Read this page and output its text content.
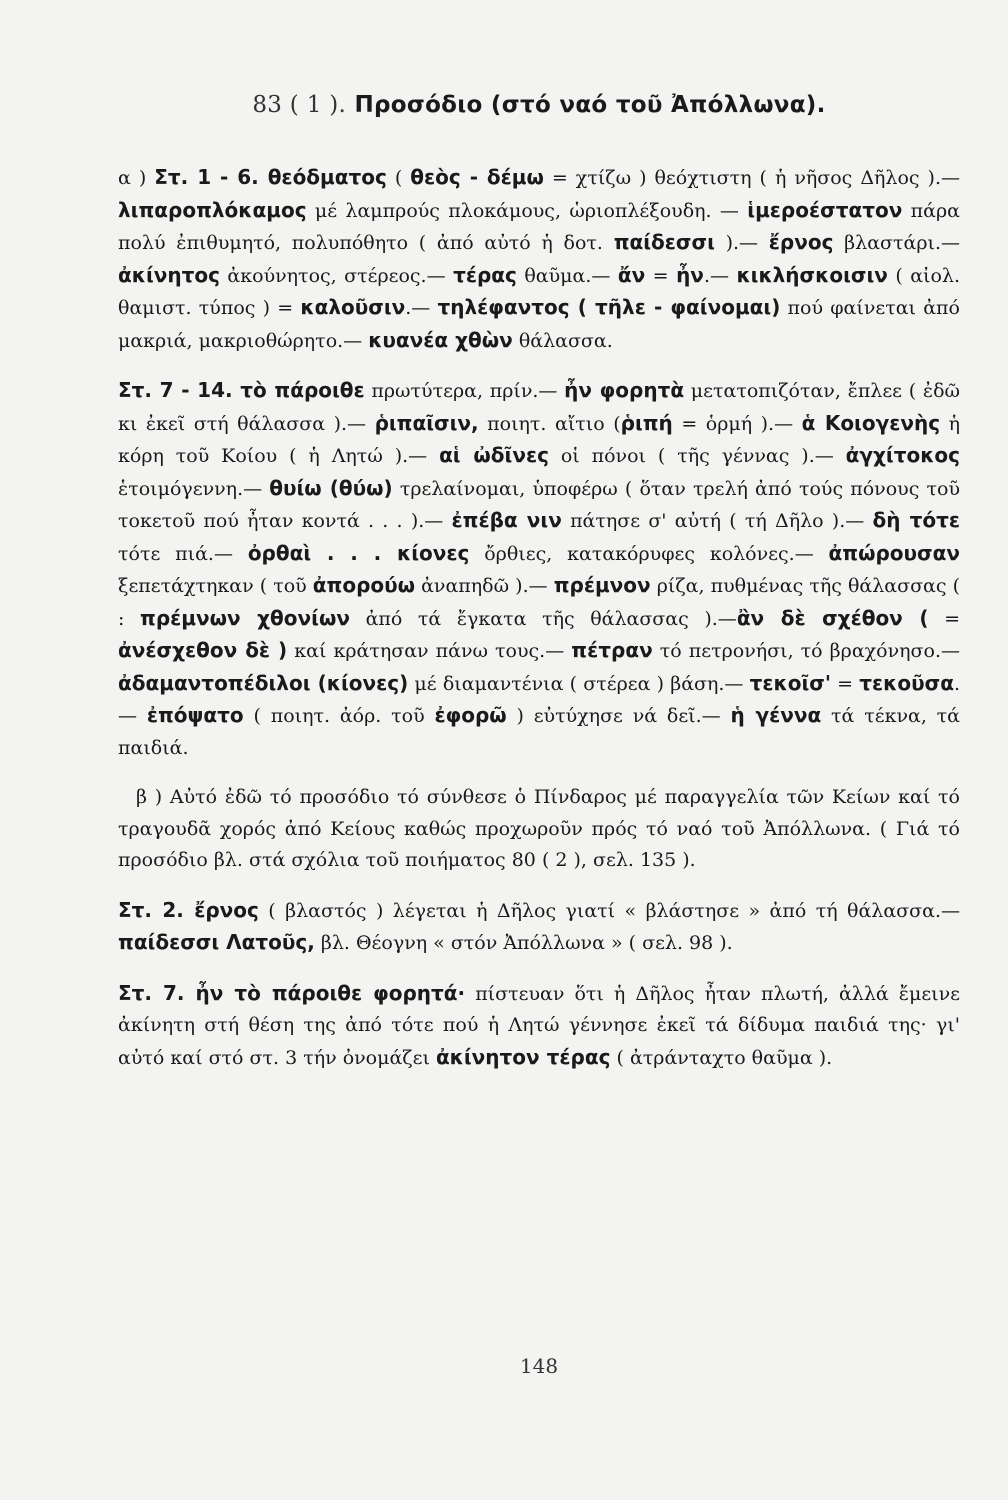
83 ( 1 ). Προσόδιο (στό ναό τοῦ Ἀπόλλωνα).

α ) Στ. 1 - 6. θεόδματος ( θεὸς - δέμω = χτίζω ) θεόχτιστη ( ἡ νῆσος Δῆλος ).— λιπαροπλόκαμος μέ λαμπρούς πλοκάμους, ὡριοπλέξουδη. — ἱμεροέστατον πάρα πολύ ἐπιθυμητό, πολυπόθητο ( ἀπό αὐτό ἡ δοτ. παίδεσσι ).— ἔρνος βλαστάρι.— ἀκίνητος ἀκούνητος, στέρεος.— τέρας θαῦμα.— ἄν = ἦν.— κικλήσκοισιν ( αἰολ. θαμιστ. τύπος ) = καλοῦσιν.— τηλέφαντος ( τῆλε - φαίνομαι) πού φαίνεται ἀπό μακριά, μακριοθώρητο.— κυανέα χθὼν θάλασσα.

Στ. 7 - 14. τὸ πάροιθε πρωτύτερα, πρίν.— ἦν φορητὰ μετατοπιζόταν, ἔπλεε ( ἐδῶ κι ἐκεῖ στή θάλασσα ).— ῥιπαῖσιν, ποιητ. αἴτιο (ῥιπή = ὁρμή ).— ἁ Κοιογενὴς ἡ κόρη τοῦ Κοίου ( ἡ Λητώ ).— αἱ ὠδῖνες οἱ πόνοι ( τῆς γέννας ).— ἀγχίτοκος ἑτοιμόγεννη.— θυίω (θύω) τρελαίνομαι, ὑποφέρω ( ὅταν τρελή ἀπό τούς πόνους τοῦ τοκετοῦ πού ἦταν κοντά . . . ).— ἐπέβα νιν πάτησε σ' αὐτή ( τή Δῆλο ).— δὴ τότε τότε πιά.— ὀρθαὶ . . . κίονες ὄρθιες, κατακόρυφες κολόνες.— ἀπώρουσαν ξεπετάχτηκαν ( τοῦ ἀπορούω ἀναπηδῶ ).— πρέμνον ρίζα, πυθμένας τῆς θάλασσας ( : πρέμνων χθονίων ἀπό τά ἔγκατα τῆς θάλασσας ).—ἂν δὲ σχέθον ( = ἀνέσχεθον δὲ ) καί κράτησαν πάνω τους.— πέτραν τό πετρονήσι, τό βραχόνησο.— ἀδαμαντοπέδιλοι (κίονες) μέ διαμαντένια ( στέρεα ) βάση.— τεκοῖσ' = τεκοῦσα.— ἐπόψατο ( ποιητ. ἀόρ. τοῦ ἐφορῶ ) εὐτύχησε νά δεῖ.— ἡ γέννα τά τέκνα, τά παιδιά.

β ) Αὐτό ἐδῶ τό προσόδιο τό σύνθεσε ὁ Πίνδαρος μέ παραγγελία τῶν Κείων καί τό τραγουδᾶ χορός ἀπό Κείους καθώς προχωροῦν πρός τό ναό τοῦ Ἀπόλλωνα. ( Γιά τό προσόδιο βλ. στά σχόλια τοῦ ποιήματος 80 ( 2 ), σελ. 135 ).

Στ. 2. ἔρνος ( βλαστός ) λέγεται ἡ Δῆλος γιατί « βλάστησε » ἀπό τή θάλασσα.— παίδεσσι Λατοῦς, βλ. Θέογνη « στόν Ἀπόλλωνα » ( σελ. 98 ).

Στ. 7. ἦν τὸ πάροιθε φορητά· πίστευαν ὅτι ἡ Δῆλος ἦταν πλωτή, ἀλλά ἔμεινε ἀκίνητη στή θέση της ἀπό τότε πού ἡ Λητώ γέννησε ἐκεῖ τά δίδυμα παιδιά της· γι' αὐτό καί στό στ. 3 τήν ὀνομάζει ἀκίνητον τέρας ( ἀτράνταχτο θαῦμα ).

148
